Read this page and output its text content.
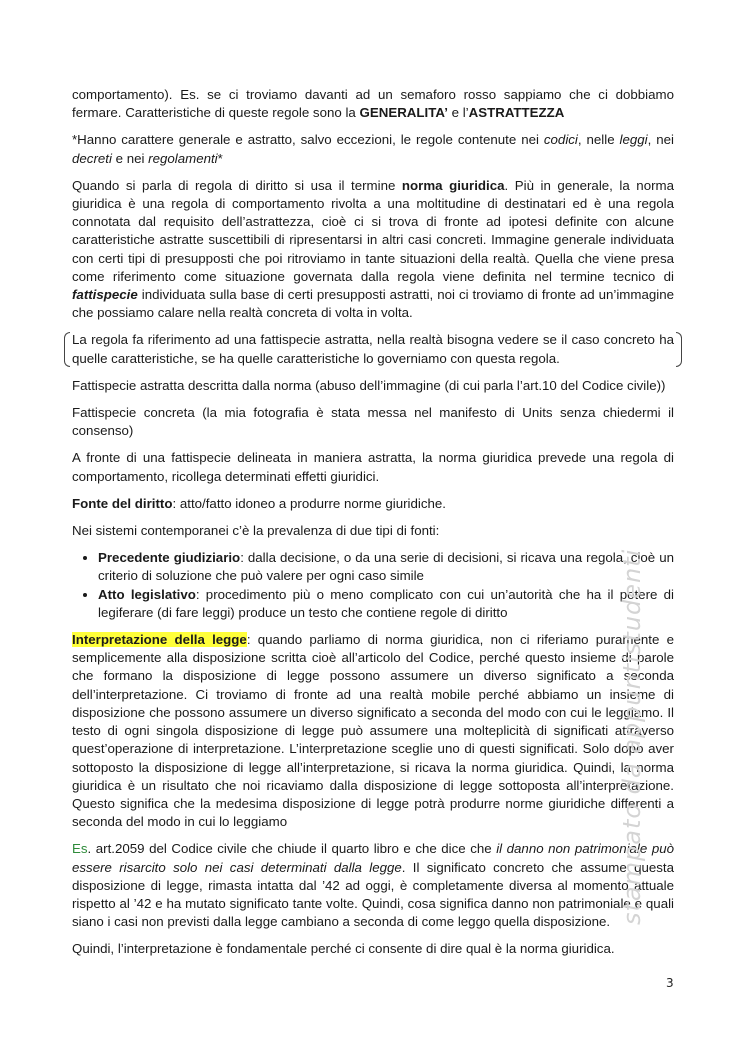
comportamento). Es. se ci troviamo davanti ad un semaforo rosso sappiamo che ci dobbiamo fermare. Caratteristiche di queste regole sono la GENERALITA’ e l’ASTRATTEZZA

*Hanno carattere generale e astratto, salvo eccezioni, le regole contenute nei codici, nelle leggi, nei decreti e nei regolamenti*

Quando si parla di regola di diritto si usa il termine norma giuridica. Più in generale, la norma giuridica è una regola di comportamento rivolta a una moltitudine di destinatari ed è una regola connotata dal requisito dell’astrattezza, cioè ci si trova di fronte ad ipotesi definite con alcune caratteristiche astratte suscettibili di ripresentarsi in altri casi concreti. Immagine generale individuata con certi tipi di presupposti che poi ritroviamo in tante situazioni della realtà. Quella che viene presa come riferimento come situazione governata dalla regola viene definita nel termine tecnico di fattispecie individuata sulla base di certi presupposti astratti, noi ci troviamo di fronte ad un’immagine che possiamo calare nella realtà concreta di volta in volta.

La regola fa riferimento ad una fattispecie astratta, nella realtà bisogna vedere se il caso concreto ha quelle caratteristiche, se ha quelle caratteristiche lo governiamo con questa regola.

Fattispecie astratta descritta dalla norma (abuso dell’immagine (di cui parla l’art.10 del Codice civile))

Fattispecie concreta (la mia fotografia è stata messa nel manifesto di Units senza chiedermi il consenso)

A fronte di una fattispecie delineata in maniera astratta, la norma giuridica prevede una regola di comportamento, ricollega determinati effetti giuridici.

Fonte del diritto: atto/fatto idoneo a produrre norme giuridiche.

Nei sistemi contemporanei c’è la prevalenza di due tipi di fonti:

• Precedente giudiziario: dalla decisione, o da una serie di decisioni, si ricava una regola, cioè un criterio di soluzione che può valere per ogni caso simile
• Atto legislativo: procedimento più o meno complicato con cui un’autorità che ha il potere di legiferare (di fare leggi) produce un testo che contiene regole di diritto

Interpretazione della legge: quando parliamo di norma giuridica, non ci riferiamo puramente e semplicemente alla disposizione scritta cioè all’articolo del Codice, perché questo insieme di parole che formano la disposizione di legge possono assumere un diverso significato a seconda dell’interpretazione. Ci troviamo di fronte ad una realtà mobile perché abbiamo un insieme di disposizione che possono assumere un diverso significato a seconda del modo con cui le leggiamo. Il testo di ogni singola disposizione di legge può assumere una molteplicità di significati attraverso quest’operazione di interpretazione. L’interpretazione sceglie uno di questi significati. Solo dopo aver sottoposto la disposizione di legge all’interpretazione, si ricava la norma giuridica. Quindi, la norma giuridica è un risultato che noi ricaviamo dalla disposizione di legge sottoposta all’interpretazione. Questo significa che la medesima disposizione di legge potrà produrre norme giuridiche differenti a seconda del modo in cui lo leggiamo

Es. art.2059 del Codice civile che chiude il quarto libro e che dice che il danno non patrimoniale può essere risarcito solo nei casi determinati dalla legge. Il significato concreto che assume questa disposizione di legge, rimasta intatta dal ’42 ad oggi, è completamente diversa al momento attuale rispetto al ’42 e ha mutato significato tante volte. Quindi, cosa significa danno non patrimoniale e quali siano i casi non previsti dalla legge cambiano a seconda di come leggo quella disposizione.

Quindi, l’interpretazione è fondamentale perché ci consente di dire qual è la norma giuridica.

stampato da appuntistudenti
3
